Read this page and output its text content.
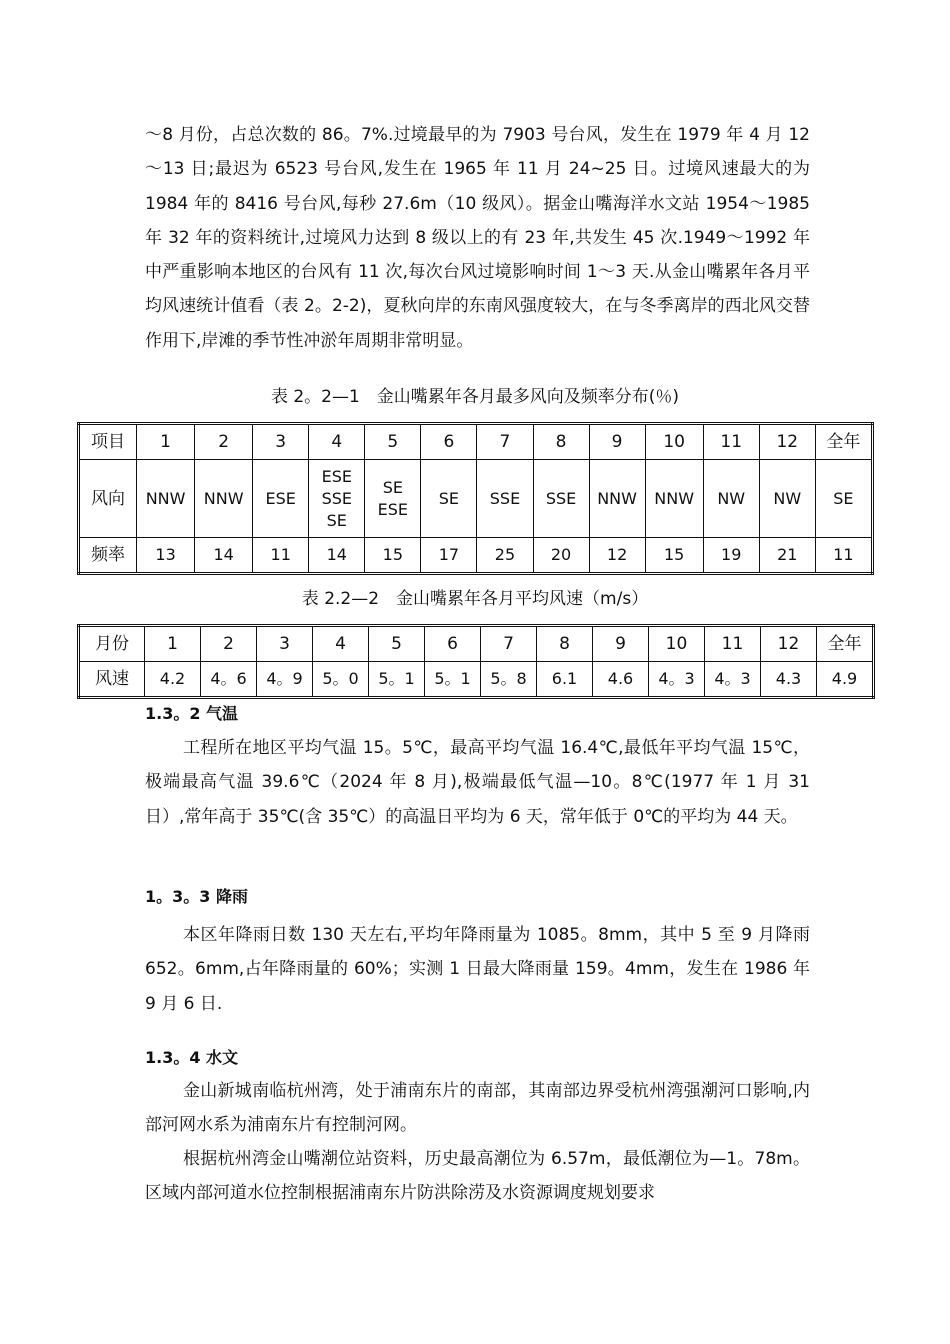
～8 月份，占总次数的 86。7%.过境最早的为 7903 号台风，发生在 1979 年 4 月 12～13 日;最迟为 6523 号台风,发生在 1965 年 11 月 24~25 日。过境风速最大的为 1984 年的 8416 号台风,每秒 27.6m（10 级风）。据金山嘴海洋水文站 1954～1985 年 32 年的资料统计,过境风力达到 8 级以上的有 23 年,共发生 45 次.1949～1992 年中严重影响本地区的台风有 11 次,每次台风过境影响时间 1～3 天.从金山嘴累年各月平均风速统计值看（表 2。2-2)，夏秋向岸的东南风强度较大，在与冬季离岸的西北风交替作用下,岸滩的季节性冲淤年周期非常明显。

表 2。2—1　金山嘴累年各月最多风向及频率分布(％)

项目	1	2	3	4	5	6	7	8	9	10	11	12	全年
风向	NNW	NNW	ESE	ESE
SSE
SE	SE
ESE	SE	SSE	SSE	NNW	NNW	NW	NW	SE
频率	13	14	11	14	15	17	25	20	12	15	19	21	11

表 2.2—2　金山嘴累年各月平均风速（m/s）

月份	1	2	3	4	5	6	7	8	9	10	11	12	全年
风速	4.2	4。6	4。9	5。0	5。1	5。1	5。8	6.1	4.6	4。3	4。3	4.3	4.9

1.3。2 气温

工程所在地区平均气温 15。5℃，最高平均气温 16.4℃,最低年平均气温 15℃，极端最高气温 39.6℃（2024 年 8 月),极端最低气温—10。8℃(1977 年 1 月 31 日）,常年高于 35℃(含 35℃）的高温日平均为 6 天，常年低于 0℃的平均为 44 天。

1。3。3 降雨

本区年降雨日数 130 天左右,平均年降雨量为 1085。8mm，其中 5 至 9 月降雨 652。6mm,占年降雨量的 60%；实测 1 日最大降雨量 159。4mm，发生在 1986 年 9 月 6 日.

1.3。4 水文

金山新城南临杭州湾，处于浦南东片的南部，其南部边界受杭州湾强潮河口影响,内部河网水系为浦南东片有控制河网。

根据杭州湾金山嘴潮位站资料，历史最高潮位为 6.57m，最低潮位为—1。78m。区域内部河道水位控制根据浦南东片防洪除涝及水资源调度规划要求
